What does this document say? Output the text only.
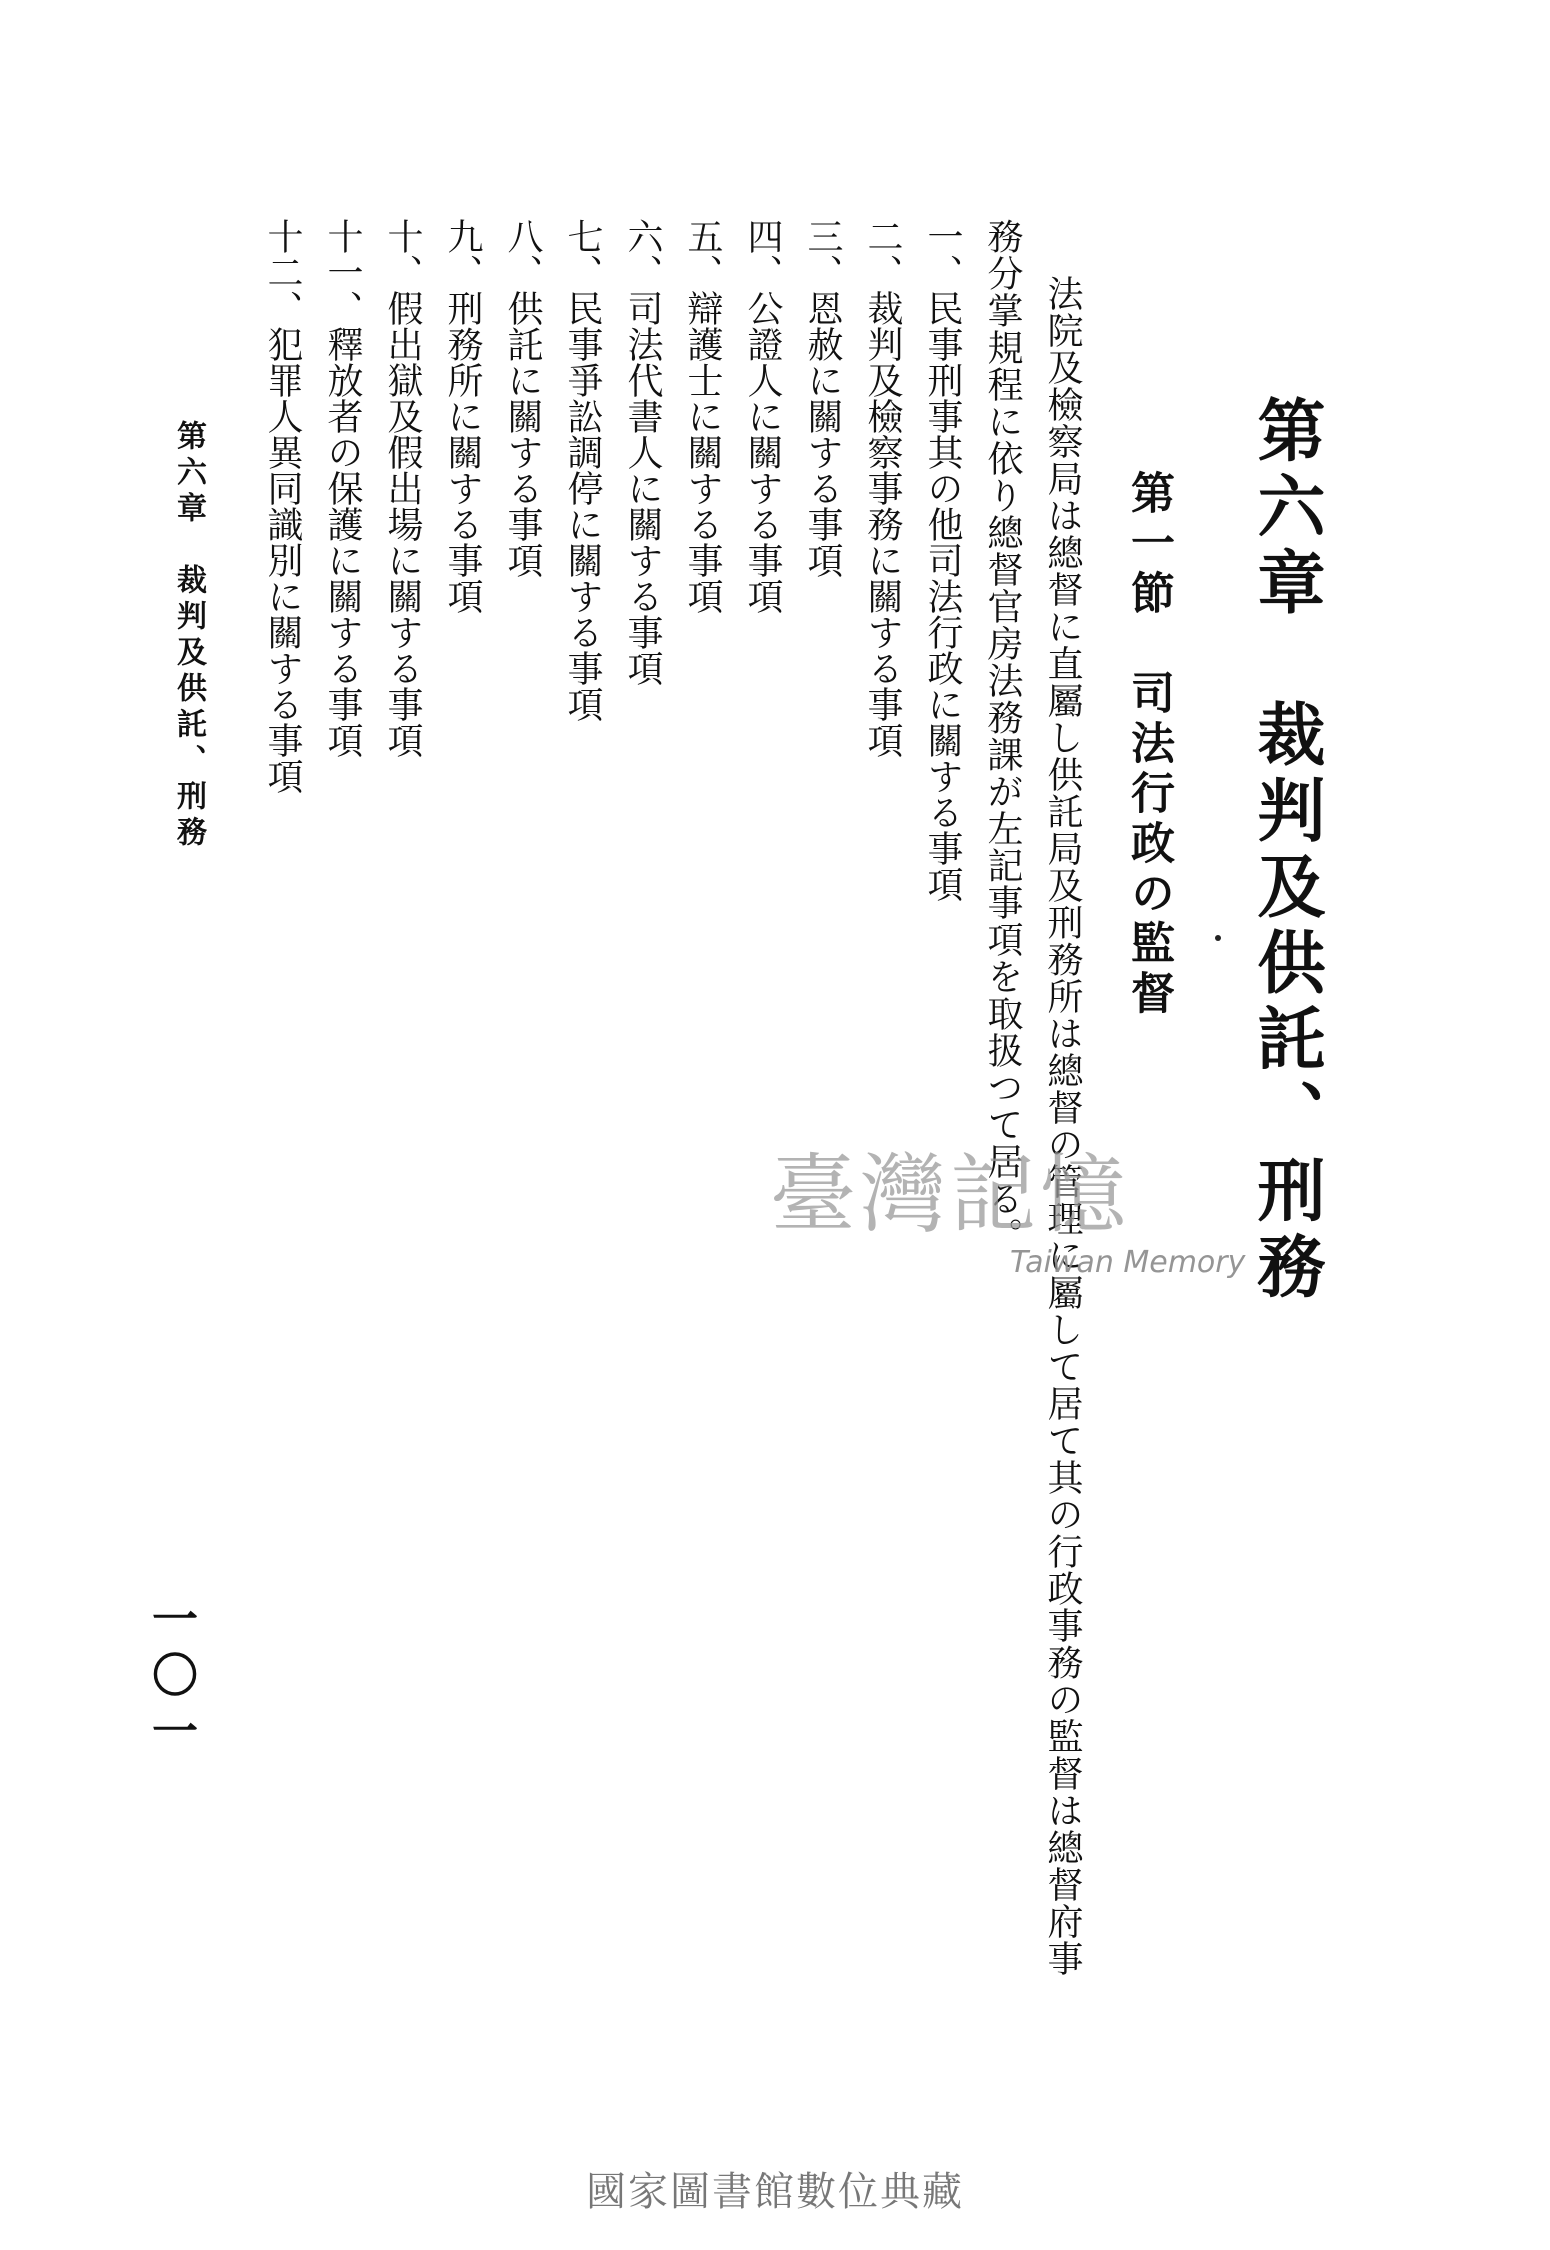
第六章　裁判及供託、刑務
第一節　司法行政の監督
法院及檢察局は總督に直屬し供託局及刑務所は總督の管理に屬して居て其の行政事務の監督は總督府事
務分掌規程に依り總督官房法務課が左記事項を取扱つて居る。
一、民事刑事其の他司法行政に關する事項
二、裁判及檢察事務に關する事項
三、恩赦に關する事項
四、公證人に關する事項
五、辯護士に關する事項
六、司法代書人に關する事項
七、民事爭訟調停に關する事項
八、供託に關する事項
九、刑務所に關する事項
十、假出獄及假出場に關する事項
十一、釋放者の保護に關する事項
十二、犯罪人異同識別に關する事項
第六章　裁判及供託、刑務
一〇一
臺灣記憶
Taiwan Memory
國家圖書館數位典藏
